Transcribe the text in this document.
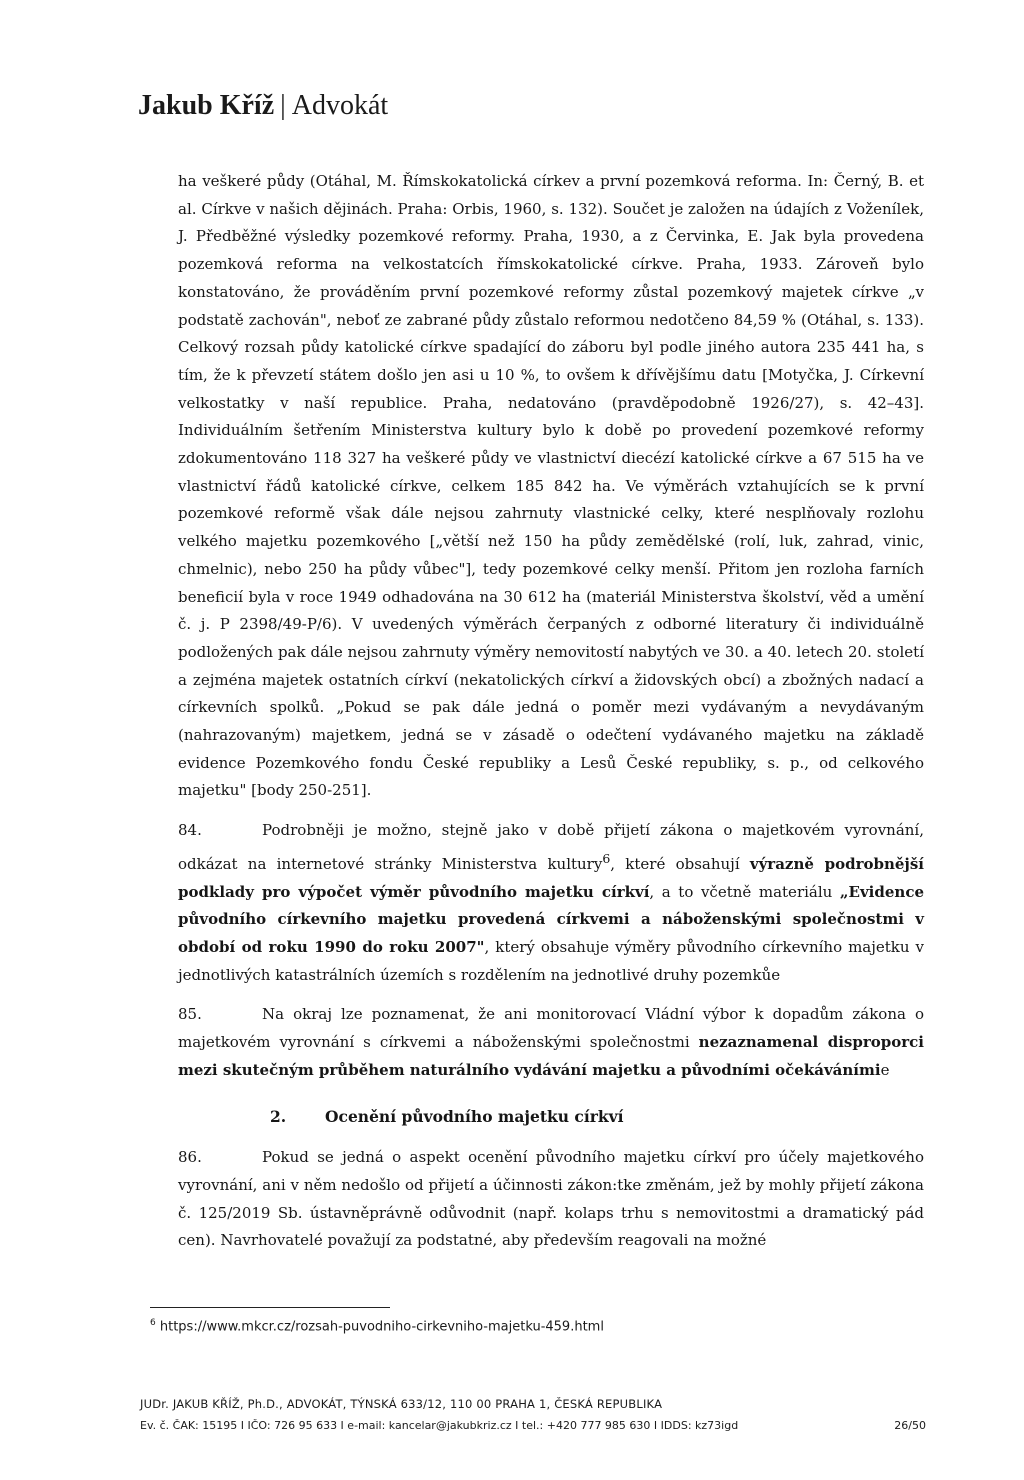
Jakub Kříž | Advokát

ha veškeré půdy (Otáhal, M. Římskokatolická církev a první pozemková reforma. In: Černý, B. et al. Církve v našich dějinách. Praha: Orbis, 1960, s. 132). Součet je založen na údajích z Voženílek, J. Předběžné výsledky pozemkové reformy. Praha, 1930, a z Červinka, E. Jak byla provedena pozemková reforma na velkostatcích římskokatolické církve. Praha, 1933. Zároveň bylo konstatováno, že prováděním první pozemkové reformy zůstal pozemkový majetek církve „v podstatě zachován", neboť ze zabrané půdy zůstalo reformou nedotčeno 84,59 % (Otáhal, s. 133). Celkový rozsah půdy katolické církve spadající do záboru byl podle jiného autora 235 441 ha, s tím, že k převzetí státem došlo jen asi u 10 %, to ovšem k dřívějšímu datu [Motyčka, J. Církevní velkostatky v naší republice. Praha, nedatováno (pravděpodobně 1926/27), s. 42–43]. Individuálním šetřením Ministerstva kultury bylo k době po provedení pozemkové reformy zdokumentováno 118 327 ha veškeré půdy ve vlastnictví diecézí katolické církve a 67 515 ha ve vlastnictví řádů katolické církve, celkem 185 842 ha. Ve výměrách vztahujících se k první pozemkové reformě však dále nejsou zahrnuty vlastnické celky, které nesplňovaly rozlohu velkého majetku pozemkového [„větší než 150 ha půdy zemědělské (rolí, luk, zahrad, vinic, chmelnic), nebo 250 ha půdy vůbec"], tedy pozemkové celky menší. Přitom jen rozloha farních beneficií byla v roce 1949 odhadována na 30 612 ha (materiál Ministerstva školství, věd a umění č. j. P 2398/49-P/6). V uvedených výměrách čerpaných z odborné literatury či individuálně podložených pak dále nejsou zahrnuty výměry nemovitostí nabytých ve 30. a 40. letech 20. století a zejména majetek ostatních církví (nekatolických církví a židovských obcí) a zbožných nadací a církevních spolků. „Pokud se pak dále jedná o poměr mezi vydávaným a nevydávaným (nahrazovaným) majetkem, jedná se v zásadě o odečtení vydávaného majetku na základě evidence Pozemkového fondu České republiky a Lesů České republiky, s. p., od celkového majetku" [body 250-251].

84.	Podrobněji je možno, stejně jako v době přijetí zákona o majetkovém vyrovnání, odkázat na internetové stránky Ministerstva kultury$^6$, které obsahují výrazně podrobnější podklady pro výpočet výměr původního majetku církví, a to včetně materiálu „Evidence původního církevního majetku provedená církvemi a náboženskými společnostmi v období od roku 1990 do roku 2007", který obsahuje výměry původního církevního majetku v jednotlivých katastrálních územích s rozdělením na jednotlivé druhy pozemkůe

85.	Na okraj lze poznamenat, že ani monitorovací Vládní výbor k dopadům zákona o majetkovém vyrovnání s církvemi a náboženskými společnostmi nezaznamenal disproporci mezi skutečným průběhem naturálního vydávání majetku a původními očekávánímie

2.	Ocenění původního majetku církví

86.	Pokud se jedná o aspekt ocenění původního majetku církví pro účely majetkového vyrovnání, ani v něm nedošlo od přijetí a účinnosti zákon:tke změnám, jež by mohly přijetí zákona č. 125/2019 Sb. ústavněprávně odůvodnit (např. kolaps trhu s nemovitostmi a dramatický pád cen). Navrhovatelé považují za podstatné, aby především reagovali na možné

$^6$ https://www.mkcr.cz/rozsah-puvodniho-cirkevniho-majetku-459.html
JUDr. JAKUB KŘÍŽ, Ph.D., ADVOKÁT, TÝNSKÁ 633/12, 110 00 PRAHA 1, ČESKÁ REPUBLIKA
Ev. č. ČAK: 15195 I IČO: 726 95 633 I e-mail: kancelar@jakubkriz.cz I tel.: +420 777 985 630 I IDDS: kz73igd	26/50
